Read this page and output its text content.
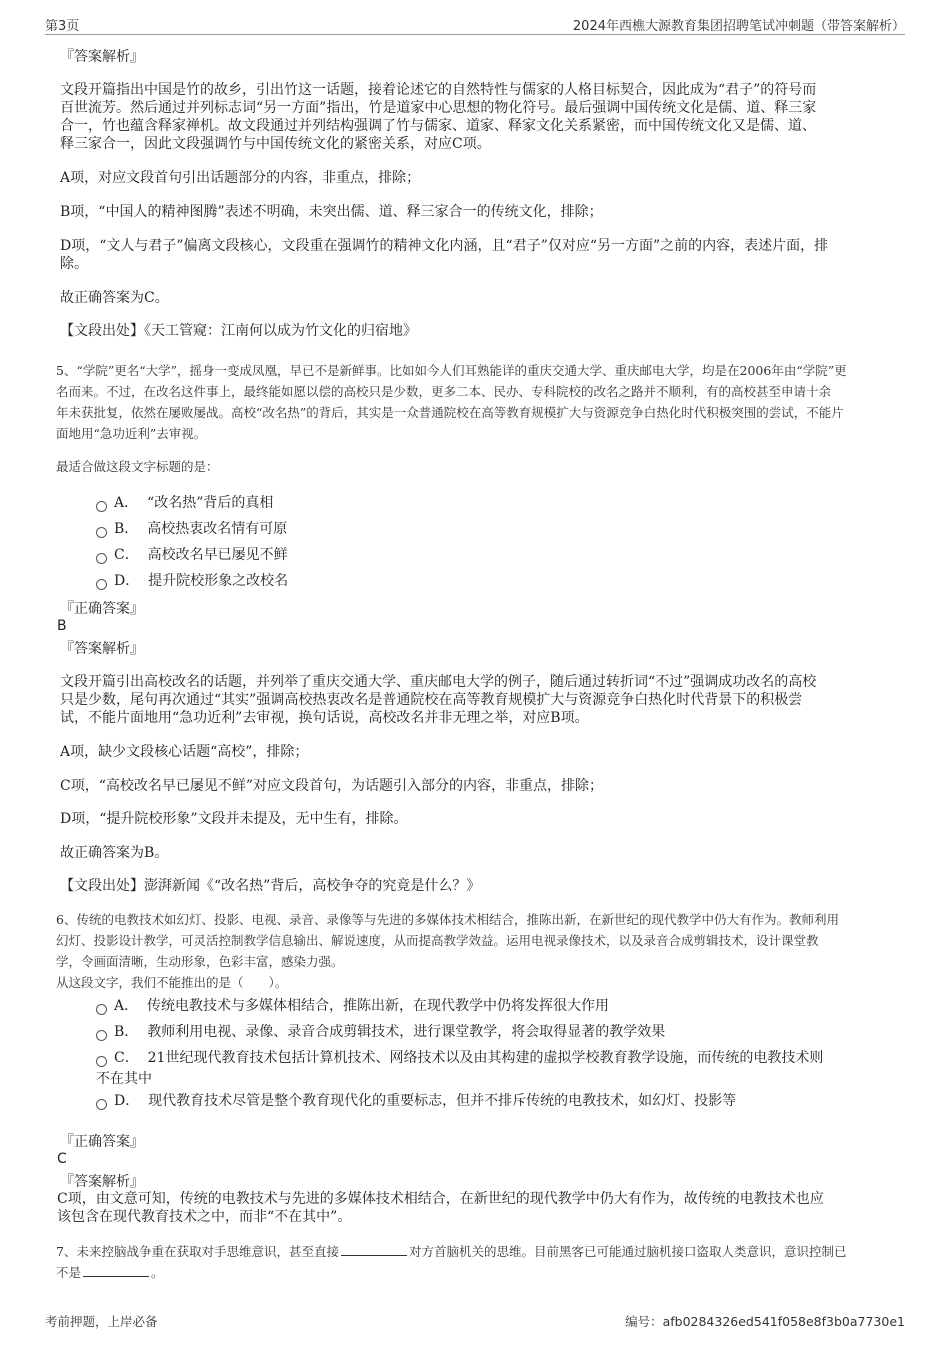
第3页	2024年西樵大源教育集团招聘笔试冲刺题（带答案解析）
『答案解析』
文段开篇指出中国是竹的故乡，引出竹这一话题，接着论述它的自然特性与儒家的人格目标契合，因此成为“君子”的符号而
百世流芳。然后通过并列标志词“另一方面”指出，竹是道家中心思想的物化符号。最后强调中国传统文化是儒、道、释三家
合一，竹也蕴含释家禅机。故文段通过并列结构强调了竹与儒家、道家、释家文化关系紧密，而中国传统文化又是儒、道、
释三家合一，因此文段强调竹与中国传统文化的紧密关系，对应C项。
A项，对应文段首句引出话题部分的内容，非重点，排除；
B项，“中国人的精神图腾”表述不明确，未突出儒、道、释三家合一的传统文化，排除；
D项，“文人与君子”偏离文段核心，文段重在强调竹的精神文化内涵，且“君子”仅对应“另一方面”之前的内容，表述片面，排
除。
故正确答案为C。
【文段出处】《天工管窥：江南何以成为竹文化的归宿地》
5、“学院”更名“大学”，摇身一变成凤凰，早已不是新鲜事。比如如今人们耳熟能详的重庆交通大学、重庆邮电大学，均是在2006年由“学院”更
名而来。不过，在改名这件事上，最终能如愿以偿的高校只是少数，更多二本、民办、专科院校的改名之路并不顺利，有的高校甚至申请十余
年未获批复，依然在屡败屡战。高校“改名热”的背后，其实是一众普通院校在高等教育规模扩大与资源竞争白热化时代积极突围的尝试，不能片
面地用“急功近利”去审视。
最适合做这段文字标题的是：
A． “改名热”背后的真相
B． 高校热衷改名情有可原
C． 高校改名早已屡见不鲜
D． 提升院校形象之改校名
『正确答案』
B
『答案解析』
文段开篇引出高校改名的话题，并列举了重庆交通大学、重庆邮电大学的例子，随后通过转折词“不过”强调成功改名的高校
只是少数，尾句再次通过“其实”强调高校热衷改名是普通院校在高等教育规模扩大与资源竞争白热化时代背景下的积极尝
试，不能片面地用“急功近利”去审视，换句话说，高校改名并非无理之举，对应B项。
A项，缺少文段核心话题“高校”，排除；
C项，“高校改名早已屡见不鲜”对应文段首句，为话题引入部分的内容，非重点，排除；
D项，“提升院校形象”文段并未提及，无中生有，排除。
故正确答案为B。
【文段出处】澎湃新闻《“改名热”背后，高校争夺的究竟是什么？》
6、传统的电教技术如幻灯、投影、电视、录音、录像等与先进的多媒体技术相结合，推陈出新，在新世纪的现代教学中仍大有作为。教师利用
幻灯、投影设计教学，可灵活控制教学信息输出、解说速度，从而提高教学效益。运用电视录像技术，以及录音合成剪辑技术，设计课堂教
学，令画面清晰，生动形象，色彩丰富，感染力强。
从这段文字，我们不能推出的是（　　）。
A． 传统电教技术与多媒体相结合，推陈出新，在现代教学中仍将发挥很大作用
B． 教师利用电视、录像、录音合成剪辑技术，进行课堂教学，将会取得显著的教学效果
C． 21世纪现代教育技术包括计算机技术、网络技术以及由其构建的虚拟学校教育教学设施，而传统的电教技术则
不在其中
D． 现代教育技术尽管是整个教育现代化的重要标志，但并不排斥传统的电教技术，如幻灯、投影等
『正确答案』
C
『答案解析』
C项，由文意可知，传统的电教技术与先进的多媒体技术相结合，在新世纪的现代教学中仍大有作为，故传统的电教技术也应
该包含在现代教育技术之中，而非“不在其中”。
7、未来控脑战争重在获取对手思维意识，甚至直接	对方首脑机关的思维。目前黑客已可能通过脑机接口盗取人类意识，意识控制已
不是	。
考前押题，上岸必备	编号：afb0284326ed541f058e8f3b0a7730e1
